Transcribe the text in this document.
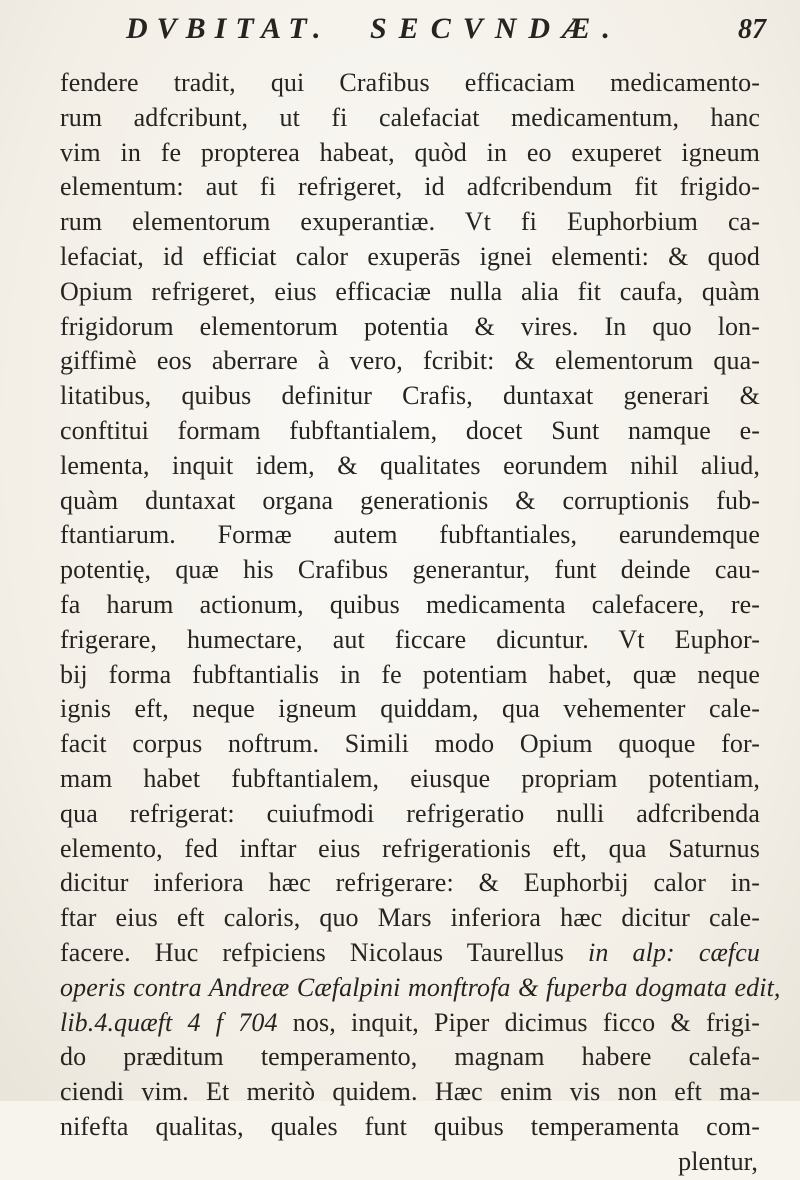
DVBITAT. SECVNDÆ.	87
fendere tradit, qui Crafibus efficaciam medicamento-
rum adfcribunt, ut fi calefaciat medicamentum, hanc
vim in fe propterea habeat, quòd in eo exuperet igneum
elementum: aut fi refrigeret, id adfcribendum fit frigido-
rum elementorum exuperantiæ. Vt fi Euphorbium ca-
lefaciat, id efficiat calor exuperās ignei elementi: & quod
Opium refrigeret, eius efficaciæ nulla alia fit caufa, quàm
frigidorum elementorum potentia & vires. In quo lon-
giffimè eos aberrare à vero, fcribit: & elementorum qua-
litatibus, quibus definitur Crafis, duntaxat generari &
conftitui formam fubftantialem, docet Sunt namque e-
lementa, inquit idem, & qualitates eorundem nihil aliud,
quàm duntaxat organa generationis & corruptionis fub-
ftantiarum. Formæ autem fubftantiales, earundemque
potentię, quæ his Crafibus generantur, funt deinde cau-
fa harum actionum, quibus medicamenta calefacere, re-
frigerare, humectare, aut ficcare dicuntur. Vt Euphor-
bij forma fubftantialis in fe potentiam habet, quæ neque
ignis eft, neque igneum quiddam, qua vehementer cale-
facit corpus noftrum. Simili modo Opium quoque for-
mam habet fubftantialem, eiusque propriam potentiam,
qua refrigerat: cuiufmodi refrigeratio nulli adfcribenda
elemento, fed inftar eius refrigerationis eft, qua Saturnus
dicitur inferiora hæc refrigerare: & Euphorbij calor in-
ftar eius eft caloris, quo Mars inferiora hæc dicitur cale-
facere. Huc refpiciens Nicolaus Taurellus in alp: cæfcu
operis contra Andreæ Cæfalpini monftrofa & fuperba dogmata edit,
lib.4.quæft 4 f 704 nos, inquit, Piper dicimus ficco & frigi-
do præditum temperamento, magnam habere calefa-
ciendi vim. Et meritò quidem. Hæc enim vis non eft ma-
nifefta qualitas, quales funt quibus temperamenta com-
plentur,
